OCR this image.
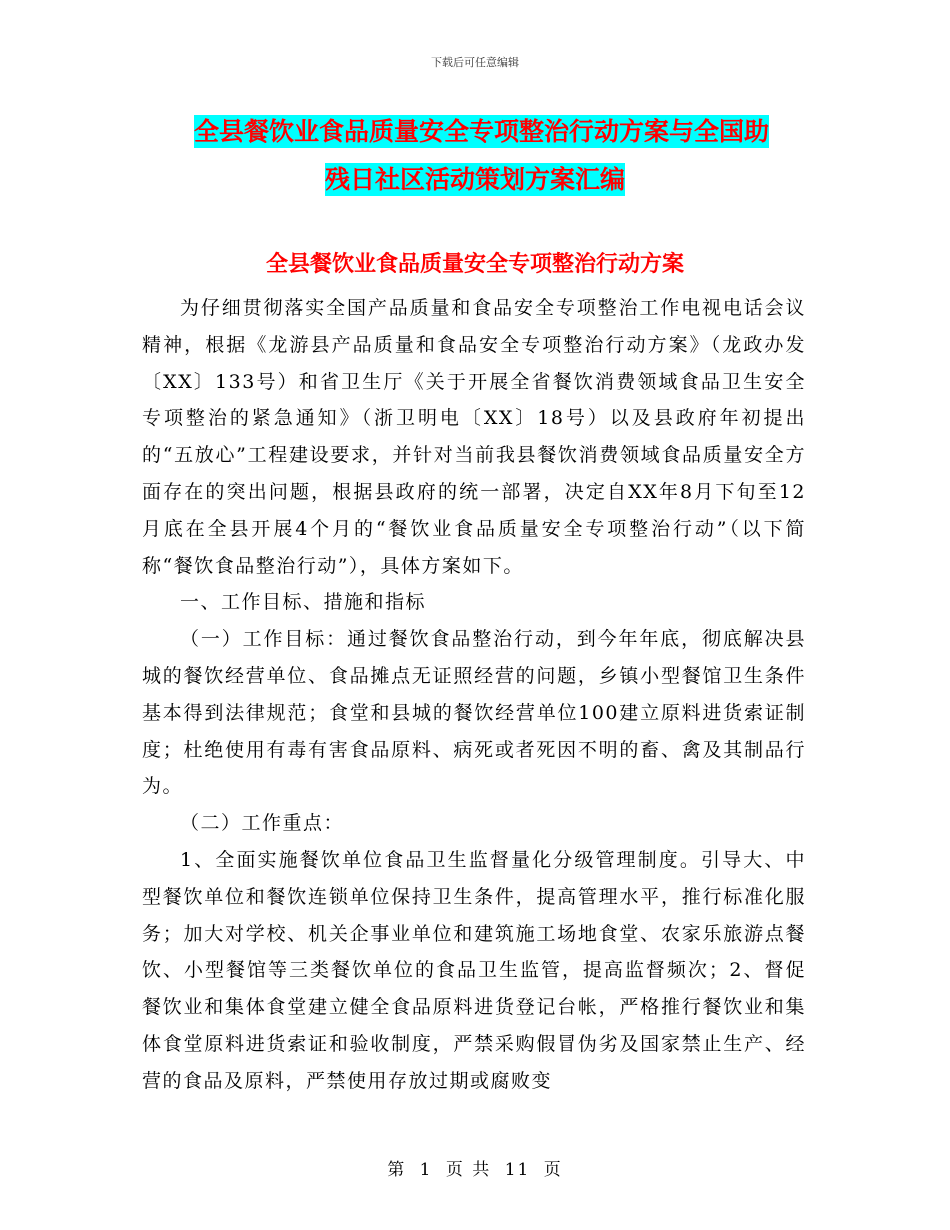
下载后可任意编辑
全县餐饮业食品质量安全专项整治行动方案与全国助
残日社区活动策划方案汇编
全县餐饮业食品质量安全专项整治行动方案

为仔细贯彻落实全国产品质量和食品安全专项整治工作电视电话会议精神，根据《龙游县产品质量和食品安全专项整治行动方案》（龙政办发〔XX〕133号）和省卫生厅《关于开展全省餐饮消费领域食品卫生安全专项整治的紧急通知》（浙卫明电〔XX〕18号）以及县政府年初提出的“五放心”工程建设要求，并针对当前我县餐饮消费领域食品质量安全方面存在的突出问题，根据县政府的统一部署，决定自XX年8月下旬至12月底在全县开展4个月的“餐饮业食品质量安全专项整治行动”（以下简称“餐饮食品整治行动”），具体方案如下。

一、工作目标、措施和指标

（一）工作目标：通过餐饮食品整治行动，到今年年底，彻底解决县城的餐饮经营单位、食品摊点无证照经营的问题，乡镇小型餐馆卫生条件基本得到法律规范；食堂和县城的餐饮经营单位100建立原料进货索证制度；杜绝使用有毒有害食品原料、病死或者死因不明的畜、禽及其制品行为。

（二）工作重点：

1、全面实施餐饮单位食品卫生监督量化分级管理制度。引导大、中型餐饮单位和餐饮连锁单位保持卫生条件，提高管理水平，推行标准化服务；加大对学校、机关企事业单位和建筑施工场地食堂、农家乐旅游点餐饮、小型餐馆等三类餐饮单位的食品卫生监管，提高监督频次；2、督促餐饮业和集体食堂建立健全食品原料进货登记台帐，严格推行餐饮业和集体食堂原料进货索证和验收制度，严禁采购假冒伪劣及国家禁止生产、经营的食品及原料，严禁使用存放过期或腐败变

第 1 页 共 11 页
